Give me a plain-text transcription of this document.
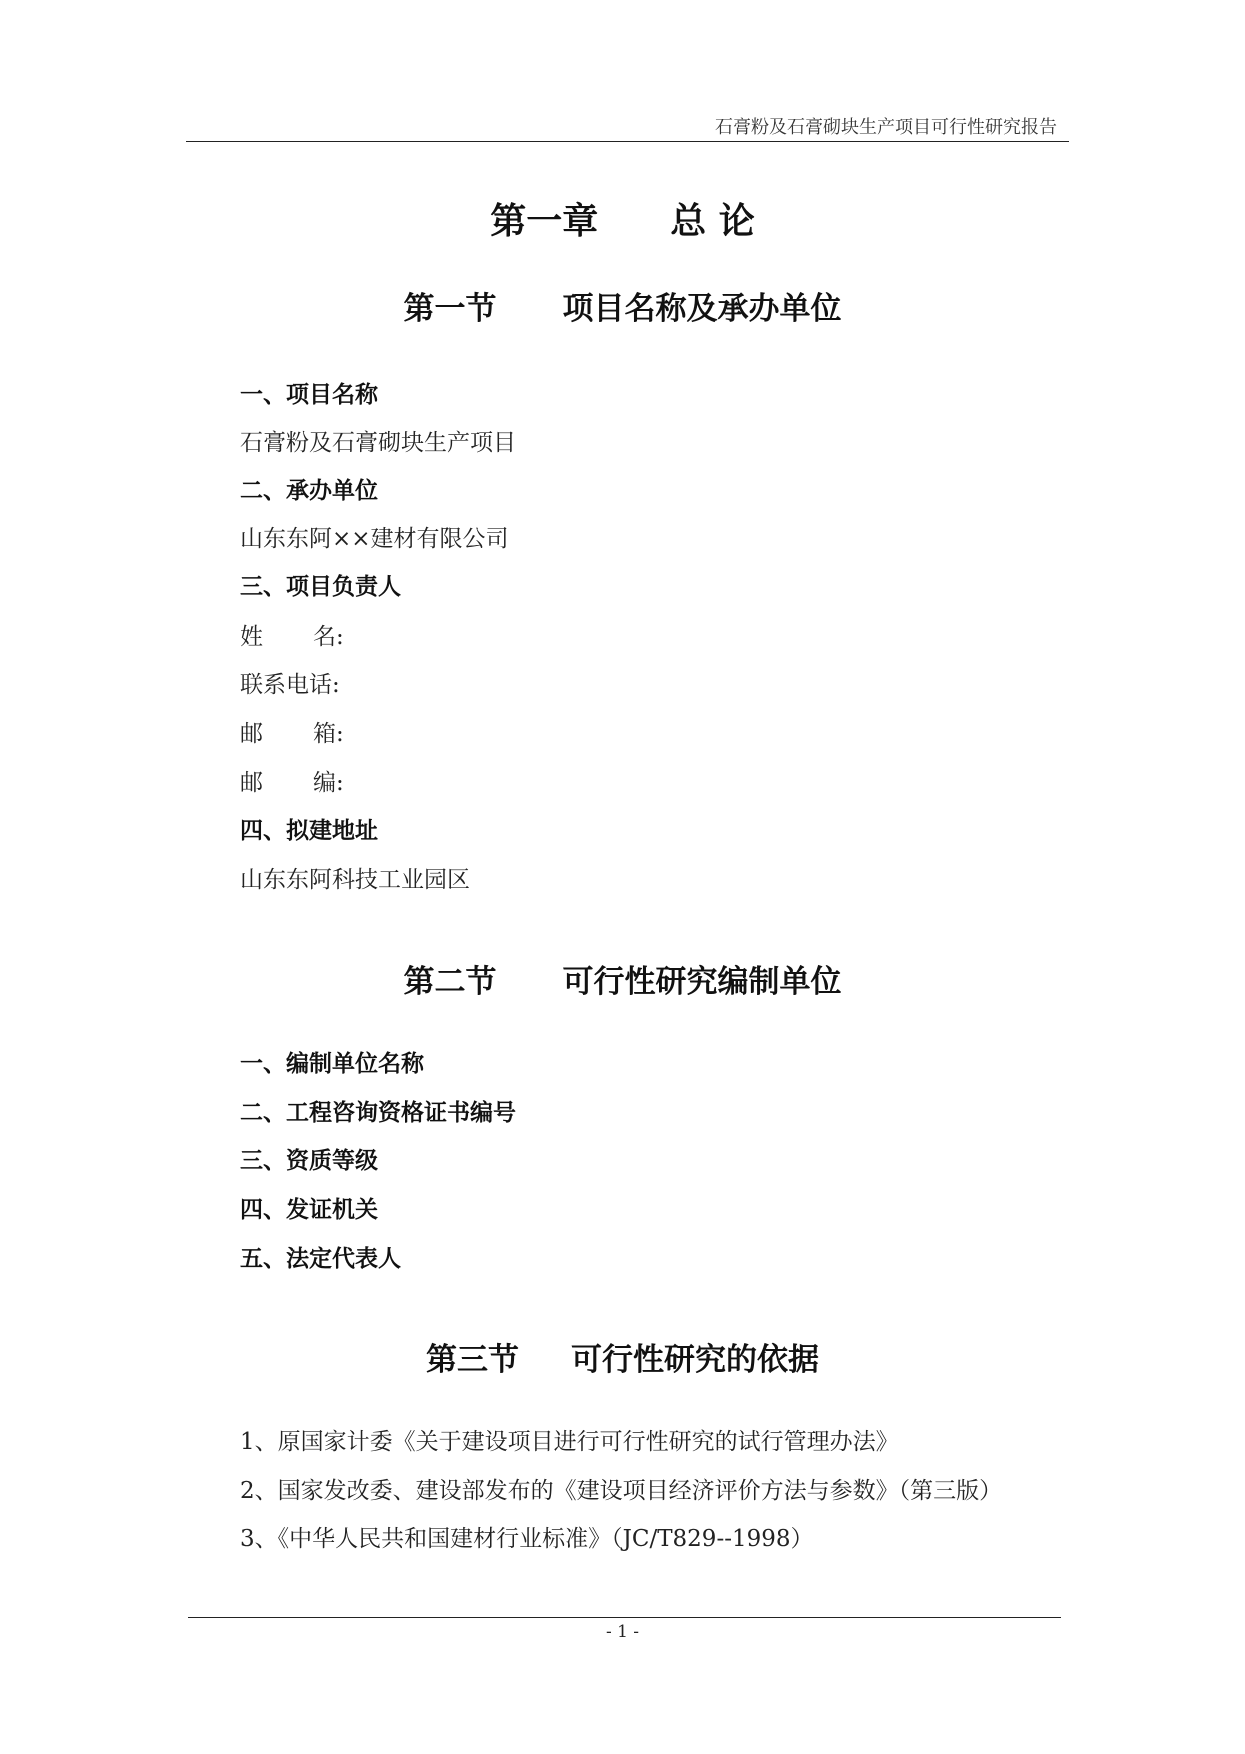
石膏粉及石膏砌块生产项目可行性研究报告
第一章 总 论
第一节 项目名称及承办单位
一、项目名称
石膏粉及石膏砌块生产项目
二、承办单位
山东东阿××建材有限公司
三、项目负责人
姓 名:
联系电话:
邮 箱:
邮 编:
四、拟建地址
山东东阿科技工业园区
第二节 可行性研究编制单位
一、编制单位名称
二、工程咨询资格证书编号
三、资质等级
四、发证机关
五、法定代表人
第三节 可行性研究的依据
1、原国家计委《关于建设项目进行可行性研究的试行管理办法》
2、国家发改委、建设部发布的《建设项目经济评价方法与参数》（第三版）
3、《中华人民共和国建材行业标准》（JC/T829--1998）
- 1 -
